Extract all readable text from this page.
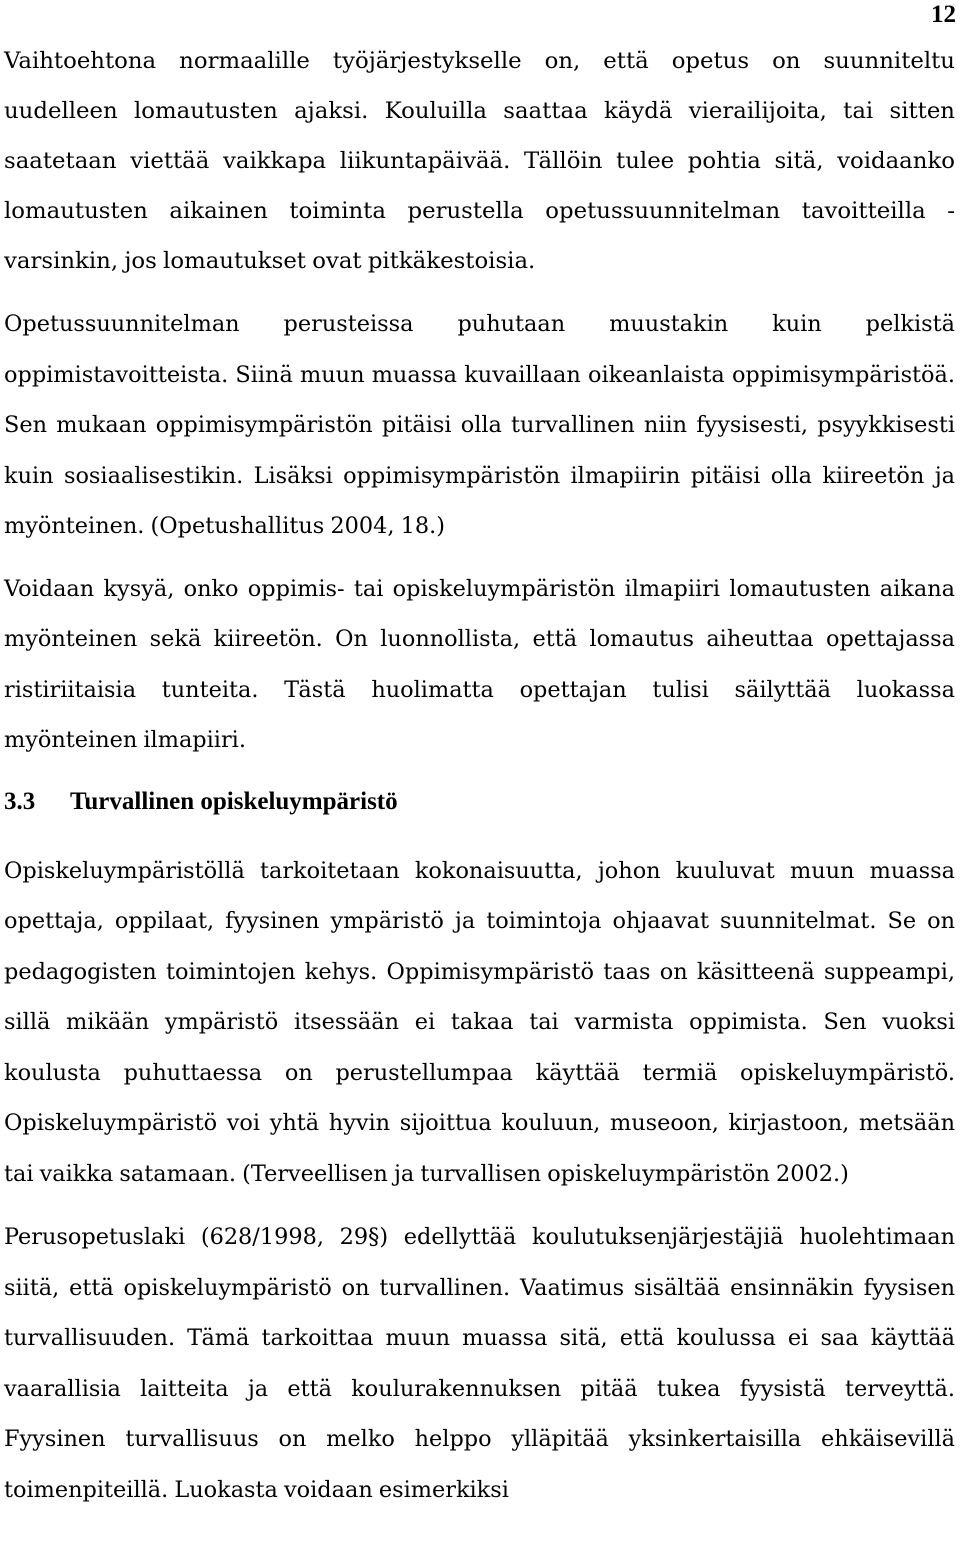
12

Vaihtoehtona normaalille työjärjestykselle on, että opetus on suunniteltu uudelleen lomautusten ajaksi. Kouluilla saattaa käydä vierailijoita, tai sitten saatetaan viettää vaikkapa liikuntapäivää. Tällöin tulee pohtia sitä, voidaanko lomautusten aikainen toiminta perustella opetussuunnitelman tavoitteilla - varsinkin, jos lomautukset ovat pitkäkestoisia.

Opetussuunnitelman perusteissa puhutaan muustakin kuin pelkistä oppimistavoitteista. Siinä muun muassa kuvaillaan oikeanlaista oppimisympäristöä. Sen mukaan oppimisympäristön pitäisi olla turvallinen niin fyysisesti, psyykkisesti kuin sosiaalisestikin. Lisäksi oppimisympäristön ilmapiirin pitäisi olla kiireetön ja myönteinen. (Opetushallitus 2004, 18.)

Voidaan kysyä, onko oppimis- tai opiskeluympäristön ilmapiiri lomautusten aikana myönteinen sekä kiireetön. On luonnollista, että lomautus aiheuttaa opettajassa ristiriitaisia tunteita. Tästä huolimatta opettajan tulisi säilyttää luokassa myönteinen ilmapiiri.

3.3 Turvallinen opiskeluympäristö

Opiskeluympäristöllä tarkoitetaan kokonaisuutta, johon kuuluvat muun muassa opettaja, oppilaat, fyysinen ympäristö ja toimintoja ohjaavat suunnitelmat. Se on pedagogisten toimintojen kehys. Oppimisympäristö taas on käsitteenä suppeampi, sillä mikään ympäristö itsessään ei takaa tai varmista oppimista. Sen vuoksi koulusta puhuttaessa on perustellumpaa käyttää termiä opiskeluympäristö. Opiskeluympäristö voi yhtä hyvin sijoittua kouluun, museoon, kirjastoon, metsään tai vaikka satamaan. (Terveellisen ja turvallisen opiskeluympäristön 2002.)

Perusopetuslaki (628/1998, 29§) edellyttää koulutuksenjärjestäjiä huolehtimaan siitä, että opiskeluympäristö on turvallinen. Vaatimus sisältää ensinnäkin fyysisen turvallisuuden. Tämä tarkoittaa muun muassa sitä, että koulussa ei saa käyttää vaarallisia laitteita ja että koulurakennuksen pitää tukea fyysistä terveyttä. Fyysinen turvallisuus on melko helppo ylläpitää yksinkertaisilla ehkäisevillä toimenpiteillä. Luokasta voidaan esimerkiksi
